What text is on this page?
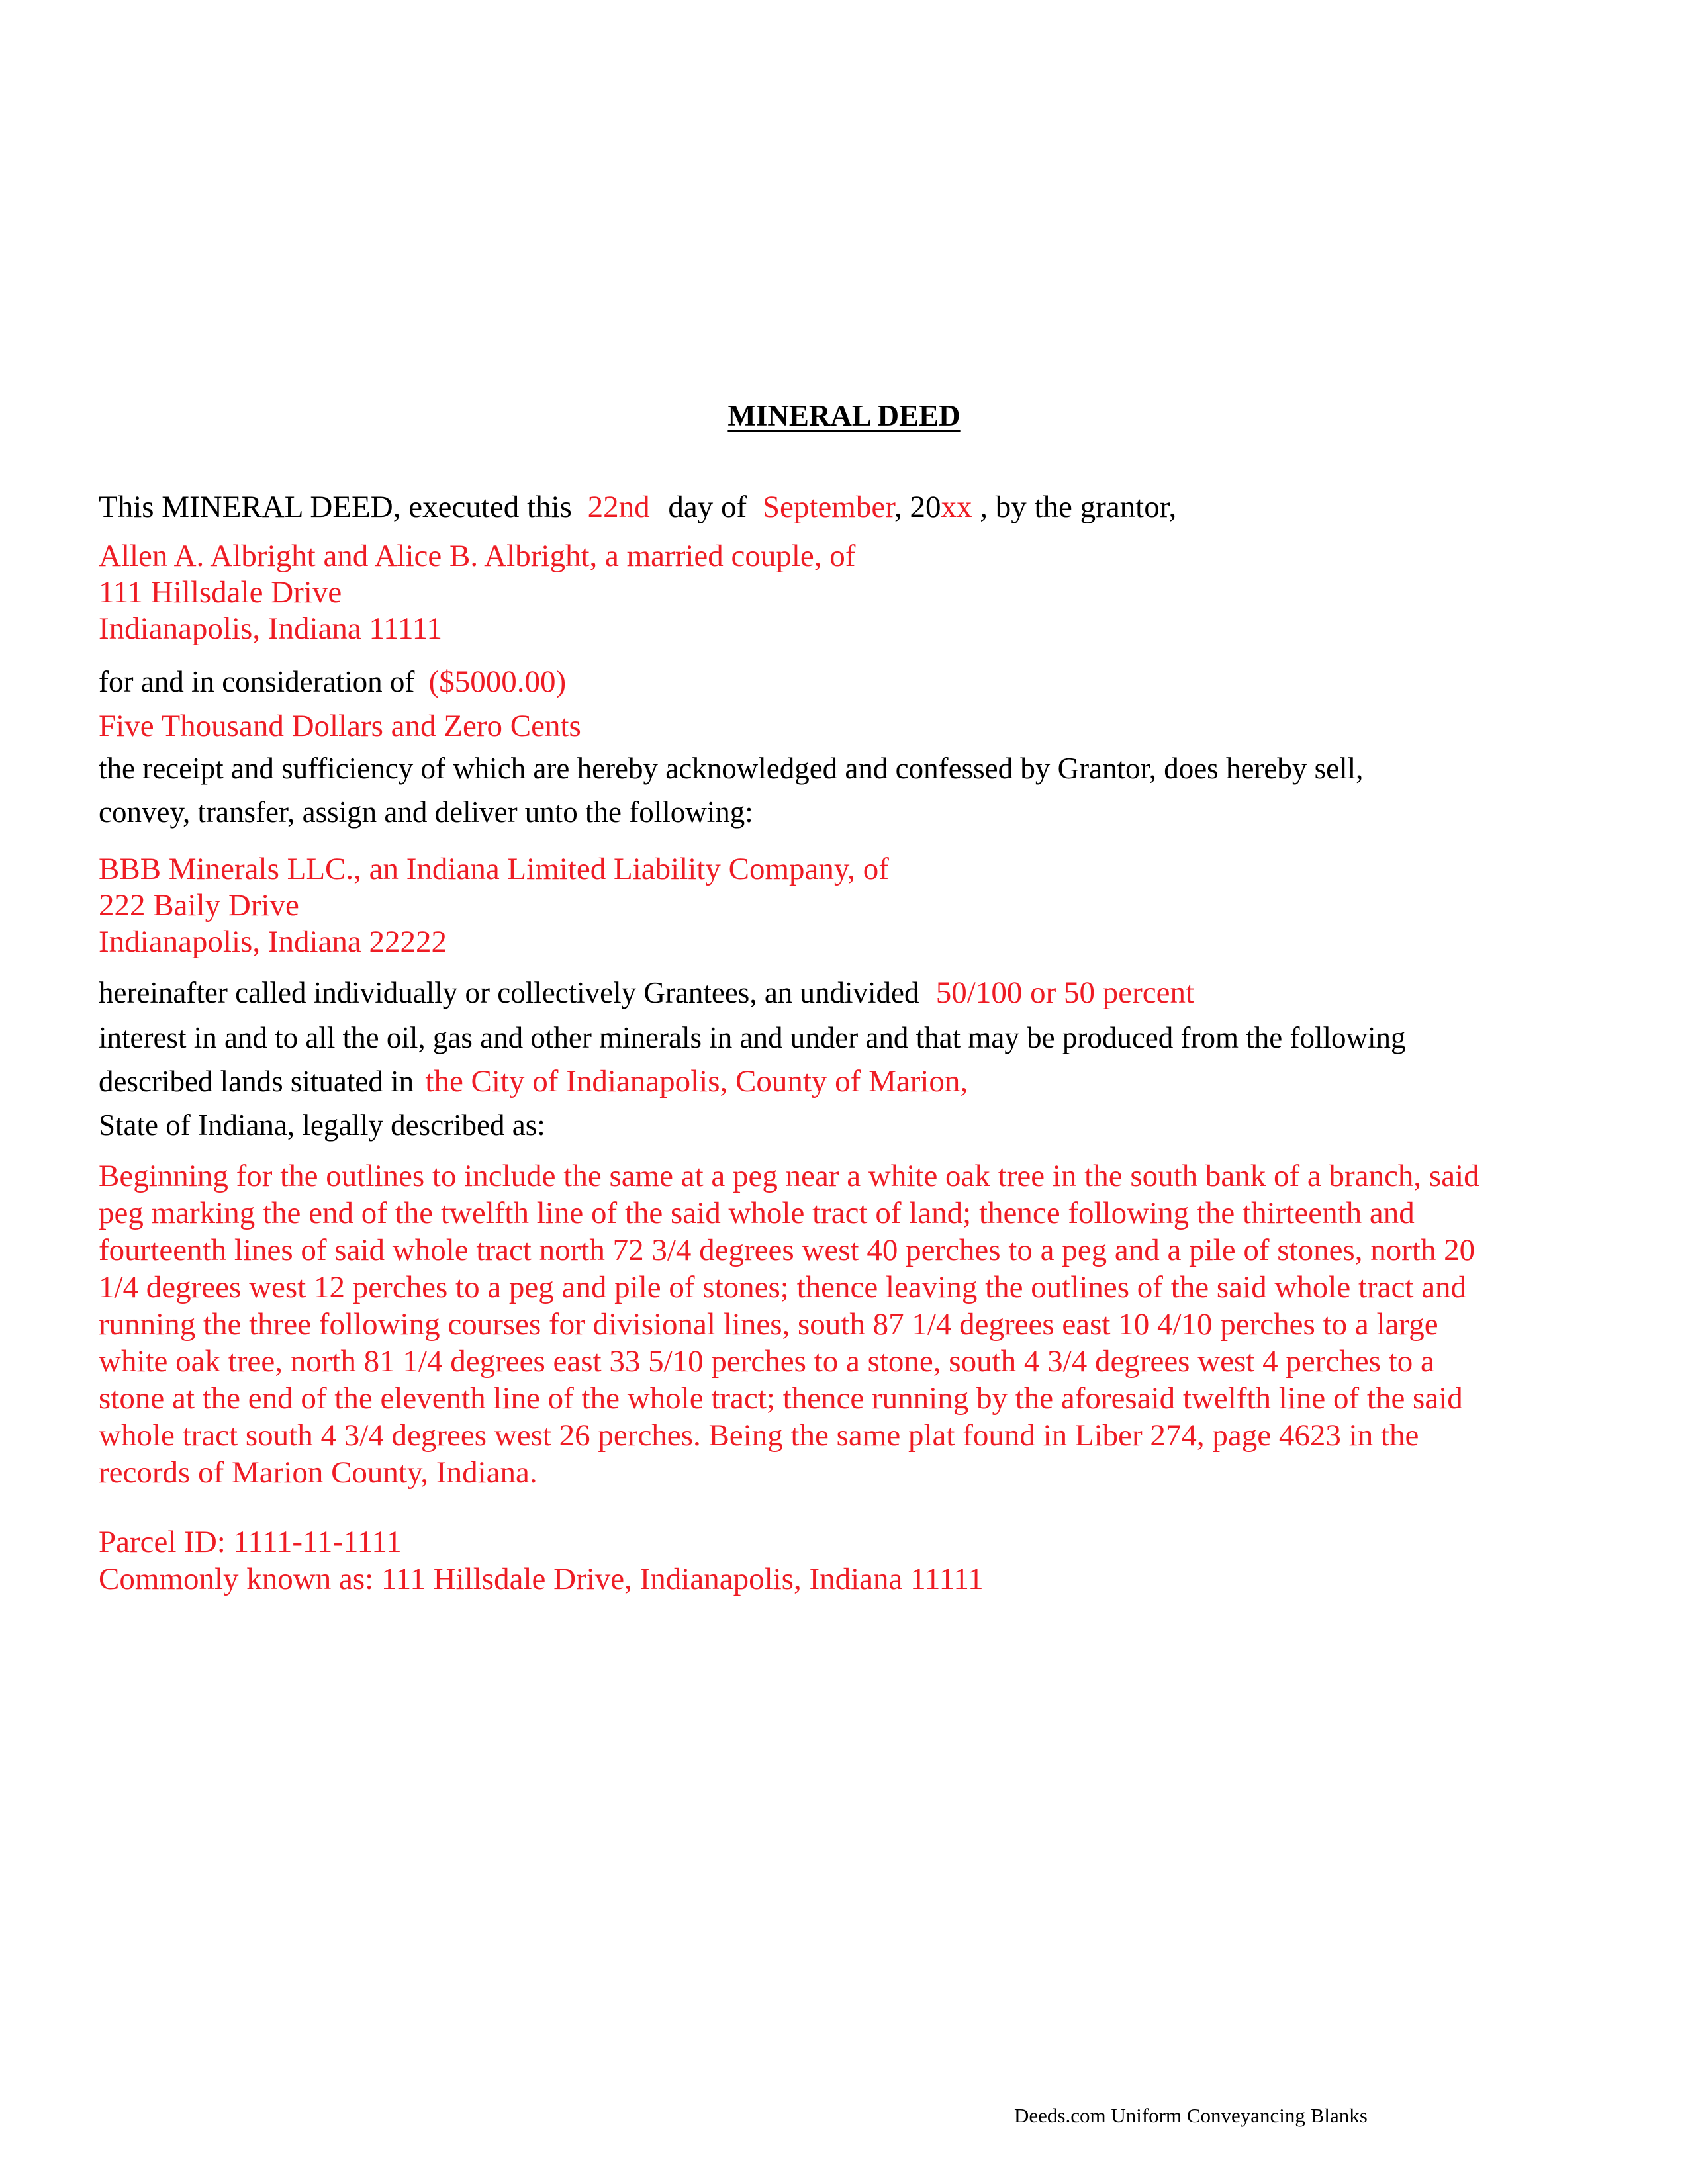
MINERAL DEED

This MINERAL DEED, executed this 22nd day of September, 20xx , by the grantor,

Allen A. Albright and Alice B. Albright, a married couple, of
111 Hillsdale Drive
Indianapolis, Indiana 11111

for and in consideration of ($5000.00)

Five Thousand Dollars and Zero Cents

the receipt and sufficiency of which are hereby acknowledged and confessed by Grantor, does hereby sell,
convey, transfer, assign and deliver unto the following:
BBB Minerals LLC., an Indiana Limited Liability Company, of
222 Baily Drive
Indianapolis, Indiana 22222

hereinafter called individually or collectively Grantees, an undivided 50/100 or 50 percent

interest in and to all the oil, gas and other minerals in and under and that may be produced from the following

described lands situated in the City of Indianapolis, County of Marion,

State of Indiana, legally described as:

Beginning for the outlines to include the same at a peg near a white oak tree in the south bank of a branch, said
peg marking the end of the twelfth line of the said whole tract of land; thence following the thirteenth and
fourteenth lines of said whole tract north 72 3/4 degrees west 40 perches to a peg and a pile of stones, north 20
1/4 degrees west 12 perches to a peg and pile of stones; thence leaving the outlines of the said whole tract and
running the three following courses for divisional lines, south 87 1/4 degrees east 10 4/10 perches to a large
white oak tree, north 81 1/4 degrees east 33 5/10 perches to a stone, south 4 3/4 degrees west 4 perches to a
stone at the end of the eleventh line of the whole tract; thence running by the aforesaid twelfth line of the said
whole tract south 4 3/4 degrees west 26 perches. Being the same plat found in Liber 274, page 4623 in the
records of Marion County, Indiana.
Parcel ID: 1111-11-1111
Commonly known as: 111 Hillsdale Drive, Indianapolis, Indiana 11111
Deeds.com Uniform Conveyancing Blanks
